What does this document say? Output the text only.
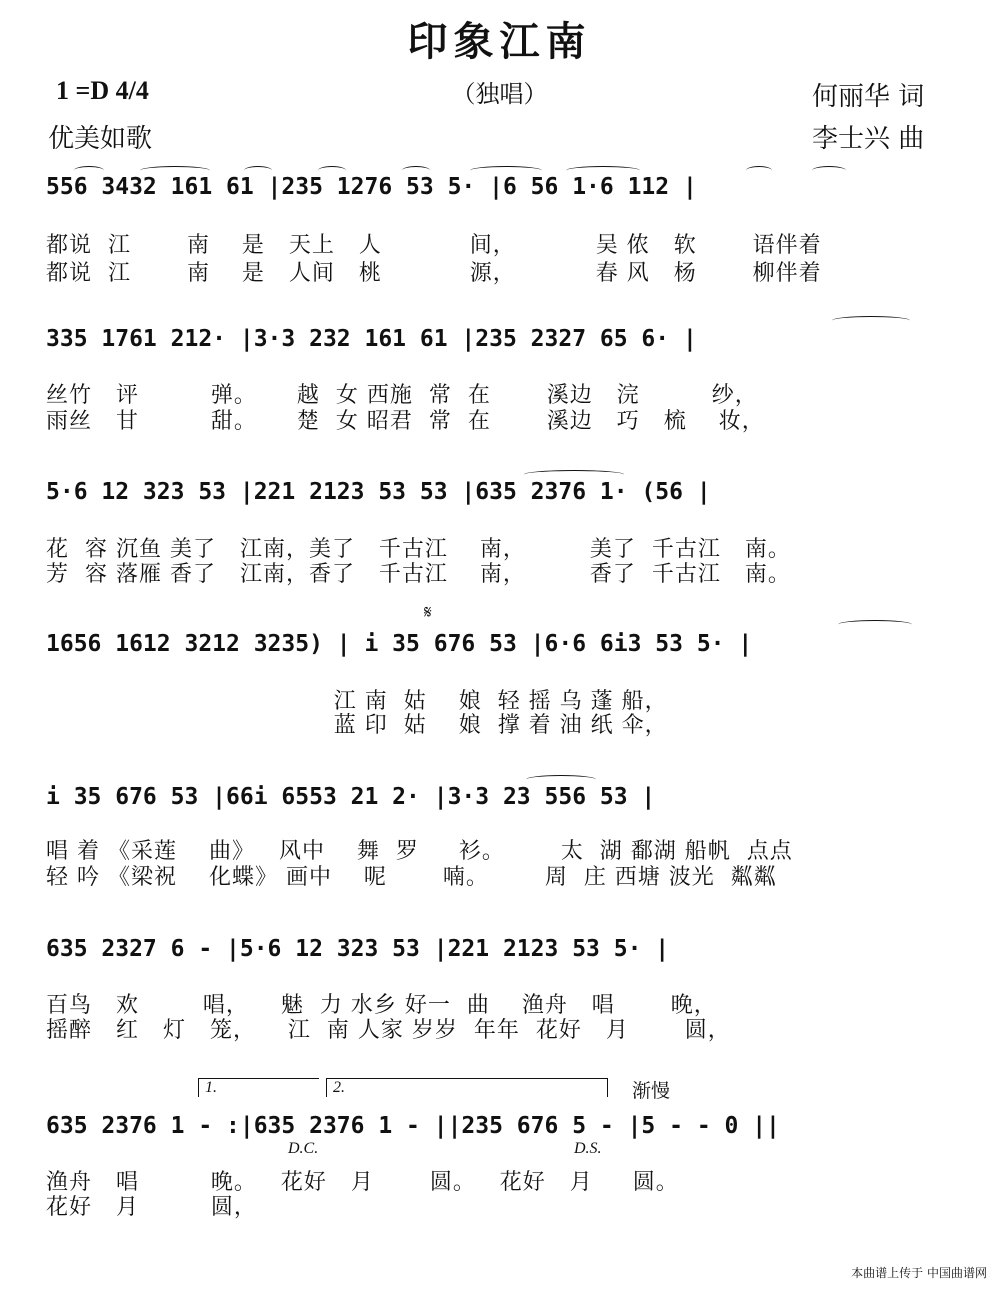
印象江南
（独唱）
1 =D 4/4
优美如歌
何丽华 词
李士兴 曲
556 3432 161 61 |235 1276 53 5· |6 56 1·6 112 |
都说  江       南    是   天上   人           间，          吴 侬   软       语伴着
都说  江       南    是   人间   桃           源，          春 风   杨       柳伴着
335 1761 212· |3·3 232 161 61 |235 2327 65 6· |
丝竹   评         弹。     越  女 西施  常  在       溪边   浣         纱，
雨丝   甘         甜。     楚  女 昭君  常  在       溪边   巧   梳    妆，
5·6 12 323 53 |221 2123 53 53 |635 2376 1· (56 |
花  容 沉鱼 美了   江南，美了   千古江    南，        美了  千古江   南。
芳  容 落雁 香了   江南，香了   千古江    南，        香了  千古江   南。
𝄋
1656 1612 3212 3235) | i 35 676 53 |6·6 6i3 53 5· |
江 南  姑    娘  轻 摇 乌 蓬 船，
蓝 印  姑    娘  撑 着 油 纸 伞，
i 35 676 53 |66i 6553 21 2· |3·3 23 556 53 |
唱 着 《采莲    曲》   风中    舞  罗     衫。       太  湖 鄱湖 船帆  点点
轻 吟 《梁祝    化蝶》 画中    呢       喃。       周  庄 西塘 波光  粼粼
635 2327 6 - |5·6 12 323 53 |221 2123 53 5· |
百鸟   欢        唱，    魅  力 水乡 好一  曲    渔舟   唱       晚，
摇醉   红   灯   笼，    江  南 人家 岁岁  年年  花好   月       圆，

1.

	2.	渐慢
635 2376 1 - :|635 2376 1 - ||235 676 5 - |5 - - 0 ||
D.C.	D.S.
渔舟   唱         晚。   花好   月       圆。   花好   月     圆。
花好   月         圆，
本曲谱上传于 中国曲谱网
